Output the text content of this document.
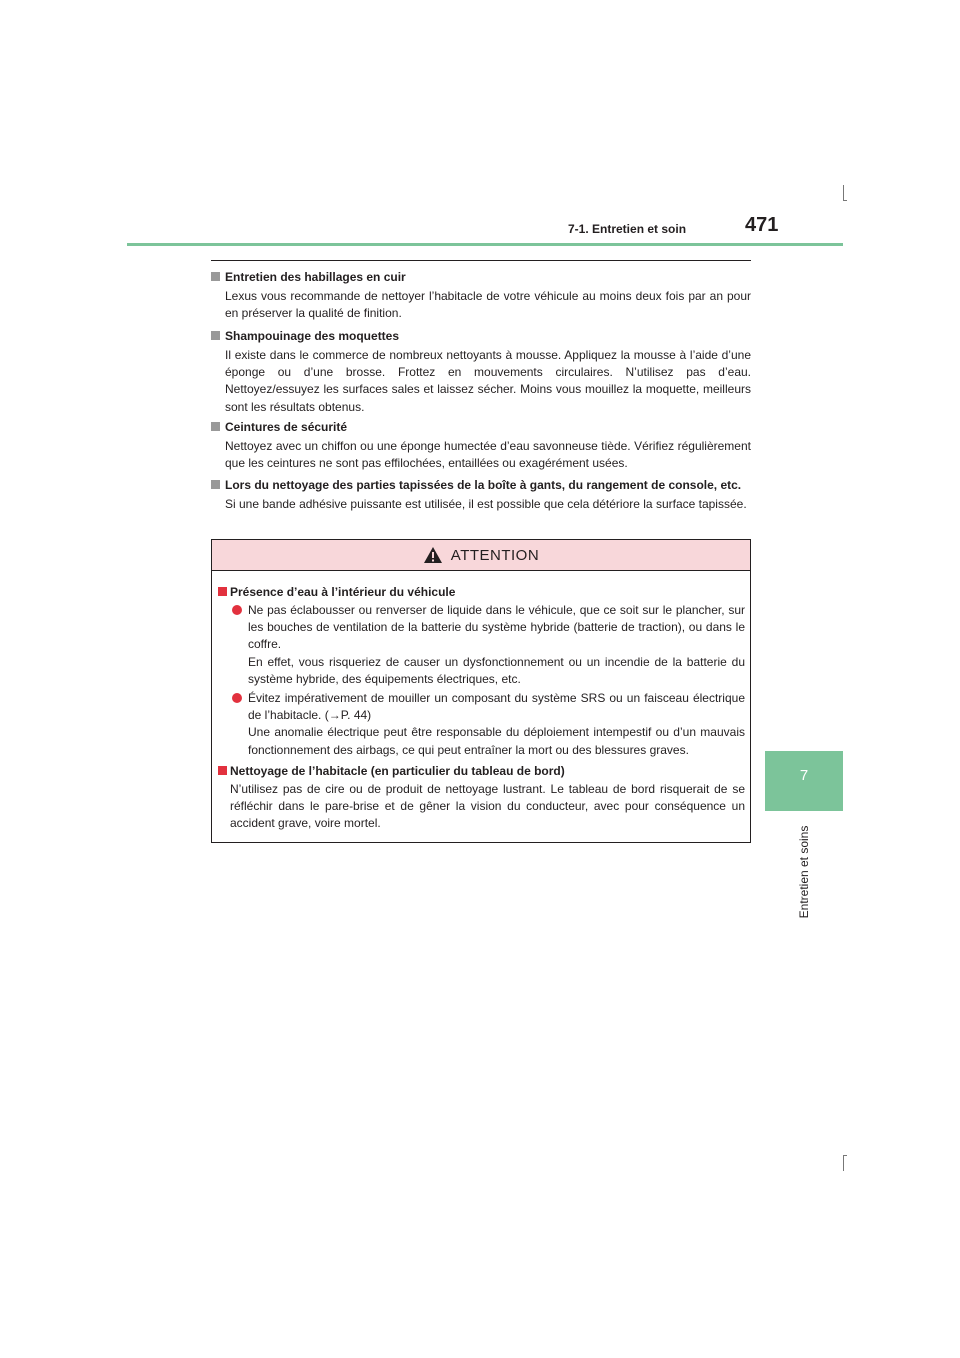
7-1. Entretien et soin	471
7
Entretien et soins
Entretien des habillages en cuir
Lexus vous recommande de nettoyer l’habitacle de votre véhicule au moins deux fois par an pour en préserver la qualité de finition.
Shampouinage des moquettes
Il existe dans le commerce de nombreux nettoyants à mousse. Appliquez la mousse à l’aide d’une éponge ou d’une brosse. Frottez en mouvements circulaires. N’utilisez pas d’eau. Nettoyez/essuyez les surfaces sales et laissez sécher. Moins vous mouillez la moquette, meilleurs sont les résultats obtenus.
Ceintures de sécurité
Nettoyez avec un chiffon ou une éponge humectée d’eau savonneuse tiède. Vérifiez régulièrement que les ceintures ne sont pas effilochées, entaillées ou exagérément usées.
Lors du nettoyage des parties tapissées de la boîte à gants, du rangement de console, etc.
Si une bande adhésive puissante est utilisée, il est possible que cela détériore la surface tapissée.
ATTENTION
Présence d’eau à l’intérieur du véhicule
Ne pas éclabousser ou renverser de liquide dans le véhicule, que ce soit sur le plancher, sur les bouches de ventilation de la batterie du système hybride (batterie de traction), ou dans le coffre.
En effet, vous risqueriez de causer un dysfonctionnement ou un incendie de la batterie du système hybride, des équipements électriques, etc.
Évitez impérativement de mouiller un composant du système SRS ou un faisceau électrique de l’habitacle. (→P. 44)
Une anomalie électrique peut être responsable du déploiement intempestif ou d’un mauvais fonctionnement des airbags, ce qui peut entraîner la mort ou des blessures graves.
Nettoyage de l’habitacle (en particulier du tableau de bord)
N’utilisez pas de cire ou de produit de nettoyage lustrant. Le tableau de bord risquerait de se réfléchir dans le pare-brise et de gêner la vision du conducteur, avec pour conséquence un accident grave, voire mortel.
